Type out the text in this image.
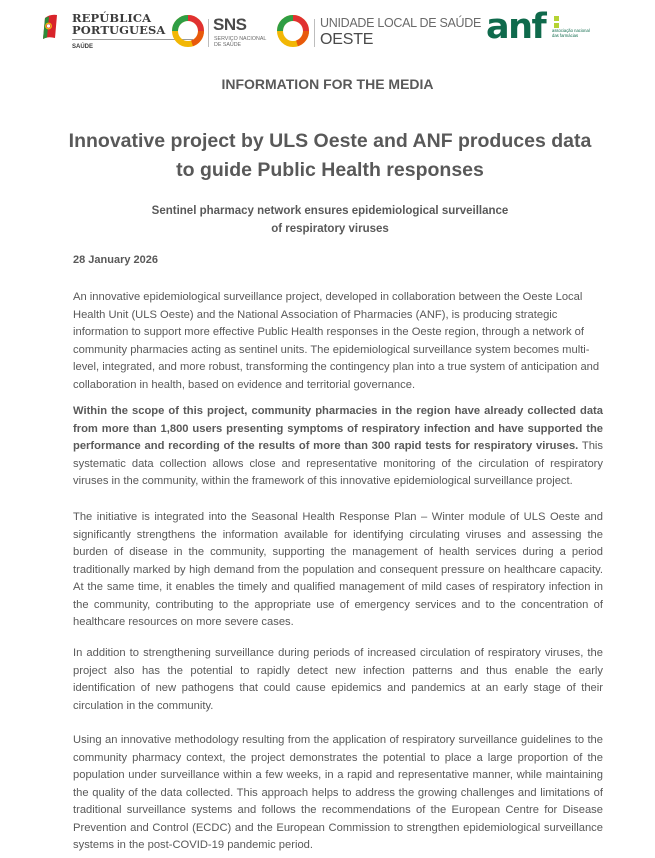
REPÚBLICA
PORTUGUESA
SAÚDE
SNS
SERVIÇO NACIONAL DE SAÚDE
UNIDADE LOCAL DE SAÚDE
OESTE	anf associação nacional das farmácias
INFORMATION FOR THE MEDIA
Innovative project by ULS Oeste and ANF produces data to guide Public Health responses
Sentinel pharmacy network ensures epidemiological surveillance
of respiratory viruses
28 January 2026

An innovative epidemiological surveillance project, developed in collaboration between the Oeste Local Health Unit (ULS Oeste) and the National Association of Pharmacies (ANF), is producing strategic information to support more effective Public Health responses in the Oeste region, through a network of community pharmacies acting as sentinel units. The epidemiological surveillance system becomes multi-level, integrated, and more robust, transforming the contingency plan into a true system of anticipation and collaboration in health, based on evidence and territorial governance.

Within the scope of this project, community pharmacies in the region have already collected data from more than 1,800 users presenting symptoms of respiratory infection and have supported the performance and recording of the results of more than 300 rapid tests for respiratory viruses. This systematic data collection allows close and representative monitoring of the circulation of respiratory viruses in the community, within the framework of this innovative epidemiological surveillance project.

The initiative is integrated into the Seasonal Health Response Plan – Winter module of ULS Oeste and significantly strengthens the information available for identifying circulating viruses and assessing the burden of disease in the community, supporting the management of health services during a period traditionally marked by high demand from the population and consequent pressure on healthcare capacity. At the same time, it enables the timely and qualified management of mild cases of respiratory infection in the community, contributing to the appropriate use of emergency services and to the concentration of healthcare resources on more severe cases.

In addition to strengthening surveillance during periods of increased circulation of respiratory viruses, the project also has the potential to rapidly detect new infection patterns and thus enable the early identification of new pathogens that could cause epidemics and pandemics at an early stage of their circulation in the community.

Using an innovative methodology resulting from the application of respiratory surveillance guidelines to the community pharmacy context, the project demonstrates the potential to place a large proportion of the population under surveillance within a few weeks, in a rapid and representative manner, while maintaining the quality of the data collected. This approach helps to address the growing challenges and limitations of traditional surveillance systems and follows the recommendations of the European Centre for Disease Prevention and Control (ECDC) and the European Commission to strengthen epidemiological surveillance systems in the post-COVID-19 pandemic period.
